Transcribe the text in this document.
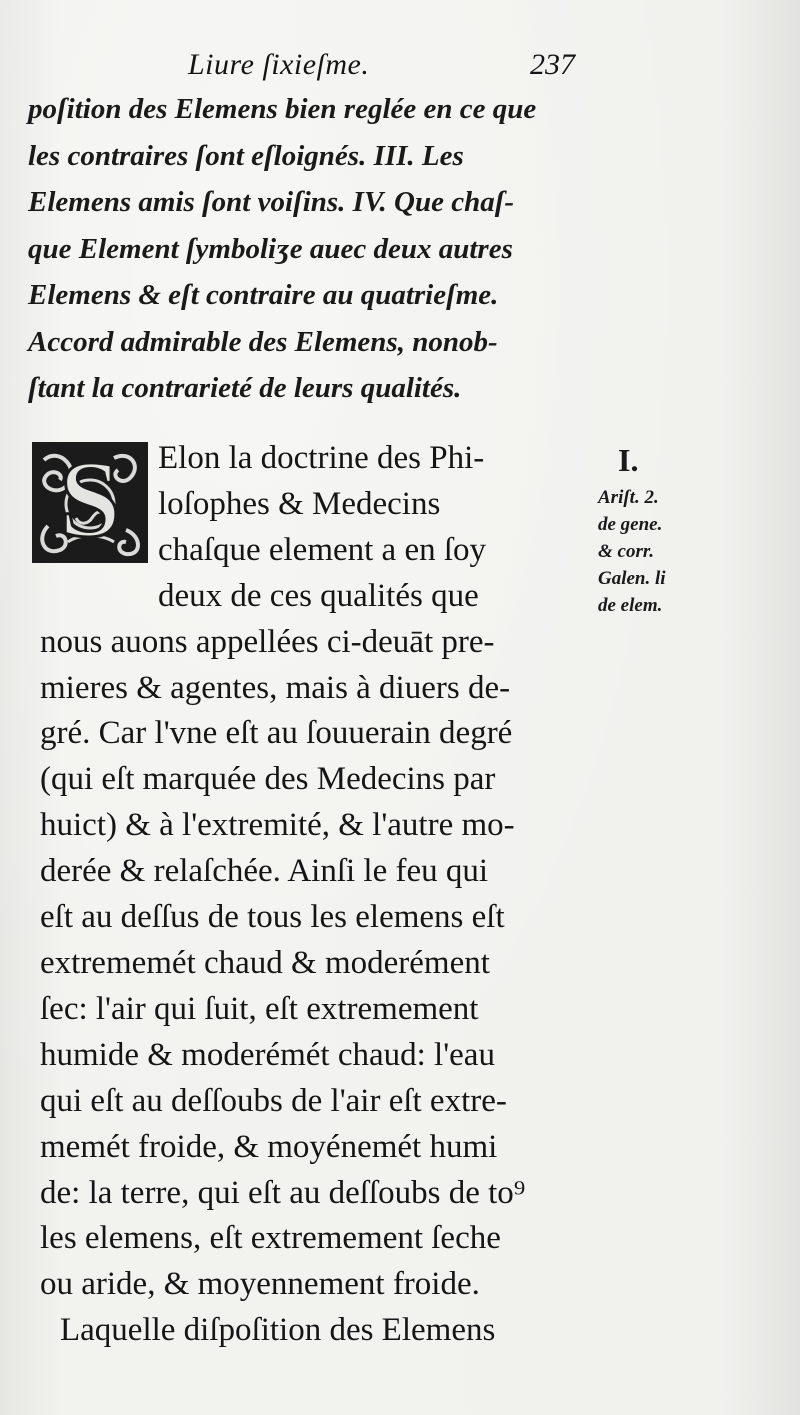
Liure ſixieſme.	237
poſition des Elemens bien reglée en ce que
les contraires ſont eſloignés. III. Les
Elemens amis ſont voiſins. IV. Que chaſ-
que Element ſymboliʒe auec deux autres
Elemens & eſt contraire au quatrieſme.
Accord admirable des Elemens, nonob-
ſtant la contrarieté de leurs qualités.
S	Elon la doctrine des Phi-
loſophes & Medecins
chaſque element a en ſoy
deux de ces qualités que
nous auons appellées ci-deuāt pre-
mieres & agentes, mais à diuers de-
gré. Car l'vne eſt au ſouuerain degré
(qui eſt marquée des Medecins par
huict) & à l'extremité, & l'autre mo-
derée & relaſchée. Ainſi le feu qui
eſt au deſſus de tous les elemens eſt
extrememét chaud & moderément
ſec: l'air qui ſuit, eſt extremement
humide & moderémét chaud: l'eau
qui eſt au deſſoubs de l'air eſt extre-
memét froide, & moyénemét humi
de: la terre, qui eſt au deſſoubs de to⁹
les elemens, eſt extremement ſeche
ou aride, & moyennement froide.
Laquelle diſpoſition des Elemens
I.
Ariſt. 2.
de gene.
& corr.
Galen. li
de elem.
